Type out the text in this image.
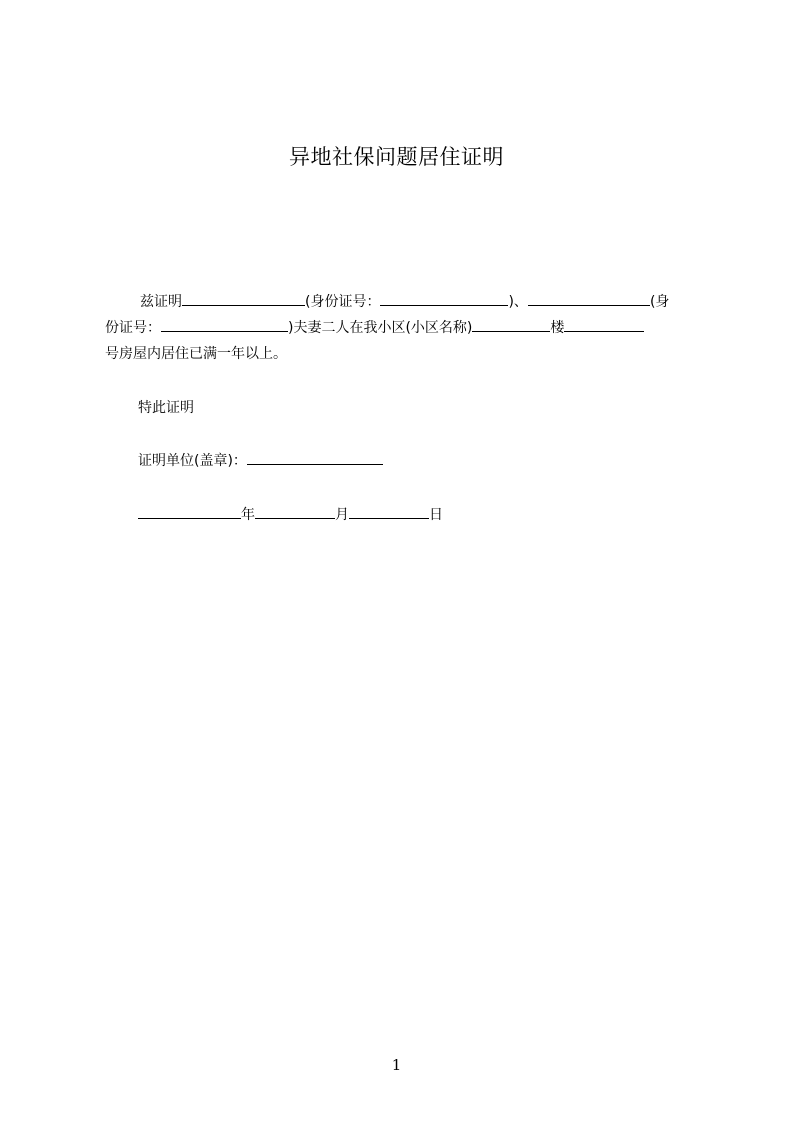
异地社保问题居住证明
兹证明	(身份证号：	)、	(身
份证号：	)夫妻二人在我小区(小区名称)	楼
号房屋内居住已满一年以上。
特此证明
证明单位(盖章)：
年	月	日
1
